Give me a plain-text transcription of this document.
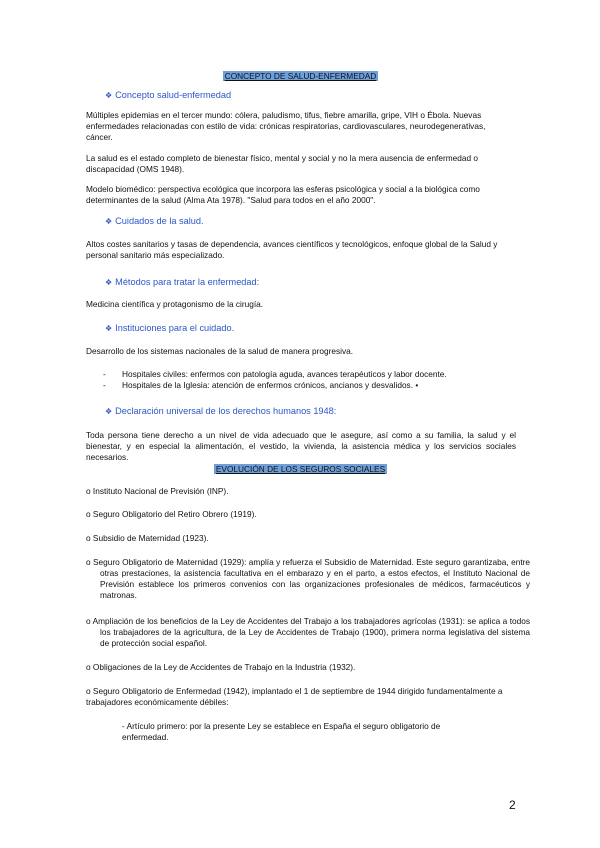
CONCEPTO DE SALUD-ENFERMEDAD
❖ Concepto salud-enfermedad
Múltiples epidemias en el tercer mundo: cólera, paludismo, tifus, fiebre amarilla, gripe, VIH o Ébola. Nuevas enfermedades relacionadas con estilo de vida: crónicas respiratorias, cardiovasculares, neurodegenerativas, cáncer.
La salud es el estado completo de bienestar físico, mental y social y no la mera ausencia de enfermedad o discapacidad (OMS 1948).
Modelo biomédico: perspectiva ecológica que incorpora las esferas psicológica y social a la biológica como determinantes de la salud (Alma Ata 1978). "Salud para todos en el año 2000".
❖ Cuidados de la salud.
Altos costes sanitarios y tasas de dependencia, avances científicos y tecnológicos, enfoque global de la Salud y personal sanitario más especializado.
❖ Métodos para tratar la enfermedad:
Medicina científica y protagonismo de la cirugía.
❖ Instituciones para el cuidado.
Desarrollo de los sistemas nacionales de la salud de manera progresiva.
- Hospitales civiles: enfermos con patología aguda, avances terapéuticos y labor docente.
- Hospitales de la Iglesia: atención de enfermos crónicos, ancianos y desvalidos. •
❖ Declaración universal de los derechos humanos 1948:
Toda persona tiene derecho a un nivel de vida adecuado que le asegure, así como a su familia, la salud y el bienestar, y en especial la alimentación, el vestido, la vivienda, la asistencia médica y los servicios sociales necesarios.
EVOLUCIÓN DE LOS SEGUROS SOCIALES
o Instituto Nacional de Previsión (INP).
o Seguro Obligatorio del Retiro Obrero (1919).
o Subsidio de Maternidad (1923).
o Seguro Obligatorio de Maternidad (1929): amplía y refuerza el Subsidio de Maternidad. Este seguro garantizaba, entre otras prestaciones, la asistencia facultativa en el embarazo y en el parto, a estos efectos, el Instituto Nacional de Previsión establece los primeros convenios con las organizaciones profesionales de médicos, farmacéuticos y matronas.
o Ampliación de los beneficios de la Ley de Accidentes del Trabajo a los trabajadores agrícolas (1931): se aplica a todos los trabajadores de la agricultura, de la Ley de Accidentes de Trabajo (1900), primera norma legislativa del sistema de protección social español.
o Obligaciones de la Ley de Accidentes de Trabajo en la Industria (1932).
o Seguro Obligatorio de Enfermedad (1942), implantado el 1 de septiembre de 1944 dirigido fundamentalmente a trabajadores económicamente débiles:
- Artículo primero: por la presente Ley se establece en España el seguro obligatorio de enfermedad.
2
